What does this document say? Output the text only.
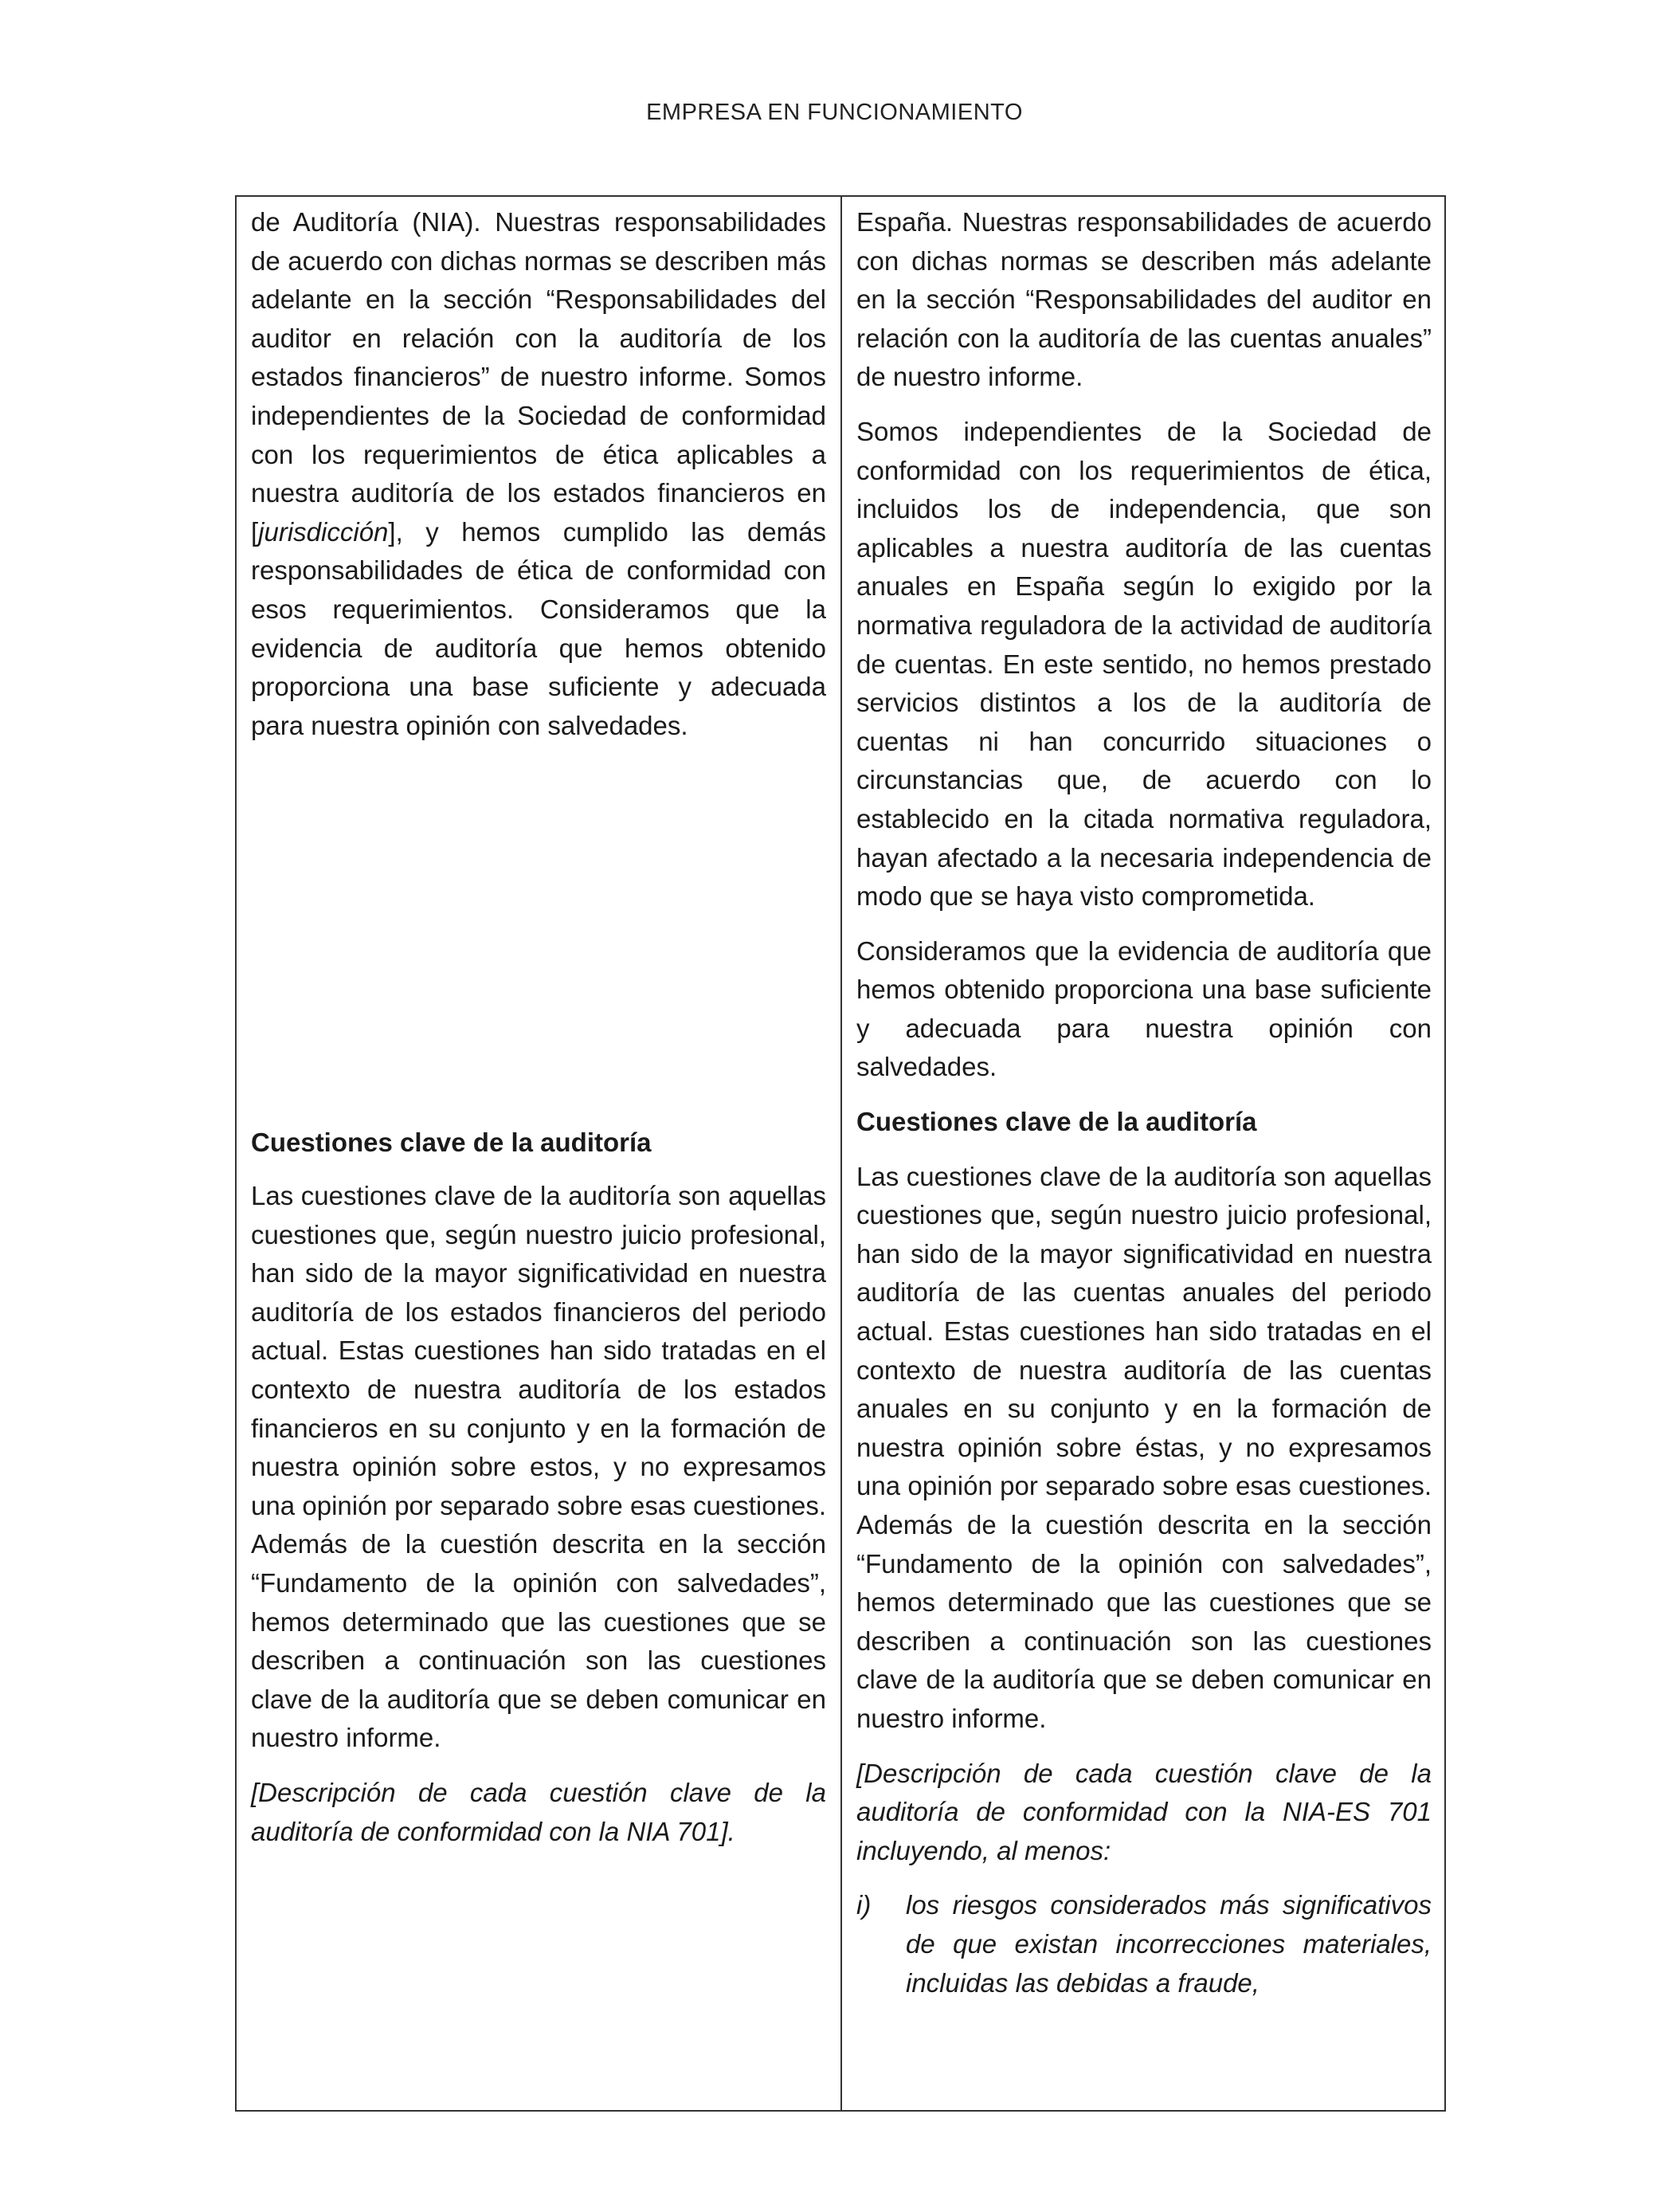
EMPRESA EN FUNCIONAMIENTO

de Auditoría (NIA). Nuestras responsabilidades de acuerdo con dichas normas se describen más adelante en la sección “Responsabilidades del auditor en relación con la auditoría de los estados financieros” de nuestro informe. Somos independientes de la Sociedad de conformidad con los requerimientos de ética aplicables a nuestra auditoría de los estados financieros en [jurisdicción], y hemos cumplido las demás responsabilidades de ética de conformidad con esos requerimientos. Consideramos que la evidencia de auditoría que hemos obtenido proporciona una base suficiente y adecuada para nuestra opinión con salvedades.

Cuestiones clave de la auditoría

Las cuestiones clave de la auditoría son aquellas cuestiones que, según nuestro juicio profesional, han sido de la mayor significatividad en nuestra auditoría de los estados financieros del periodo actual. Estas cuestiones han sido tratadas en el contexto de nuestra auditoría de los estados financieros en su conjunto y en la formación de nuestra opinión sobre estos, y no expresamos una opinión por separado sobre esas cuestiones. Además de la cuestión descrita en la sección “Fundamento de la opinión con salvedades”, hemos determinado que las cuestiones que se describen a continuación son las cuestiones clave de la auditoría que se deben comunicar en nuestro informe.

[Descripción de cada cuestión clave de la auditoría de conformidad con la NIA 701].

España. Nuestras responsabilidades de acuerdo con dichas normas se describen más adelante en la sección “Responsabilidades del auditor en relación con la auditoría de las cuentas anuales” de nuestro informe.

Somos independientes de la Sociedad de conformidad con los requerimientos de ética, incluidos los de independencia, que son aplicables a nuestra auditoría de las cuentas anuales en España según lo exigido por la normativa reguladora de la actividad de auditoría de cuentas. En este sentido, no hemos prestado servicios distintos a los de la auditoría de cuentas ni han concurrido situaciones o circunstancias que, de acuerdo con lo establecido en la citada normativa reguladora, hayan afectado a la necesaria independencia de modo que se haya visto comprometida.

Consideramos que la evidencia de auditoría que hemos obtenido proporciona una base suficiente y adecuada para nuestra opinión con salvedades.

Cuestiones clave de la auditoría

Las cuestiones clave de la auditoría son aquellas cuestiones que, según nuestro juicio profesional, han sido de la mayor significatividad en nuestra auditoría de las cuentas anuales del periodo actual. Estas cuestiones han sido tratadas en el contexto de nuestra auditoría de las cuentas anuales en su conjunto y en la formación de nuestra opinión sobre éstas, y no expresamos una opinión por separado sobre esas cuestiones. Además de la cuestión descrita en la sección “Fundamento de la opinión con salvedades”, hemos determinado que las cuestiones que se describen a continuación son las cuestiones clave de la auditoría que se deben comunicar en nuestro informe.

[Descripción de cada cuestión clave de la auditoría de conformidad con la NIA-ES 701 incluyendo, al menos:

i)	los riesgos considerados más significativos de que existan incorrecciones materiales, incluidas las debidas a fraude,
